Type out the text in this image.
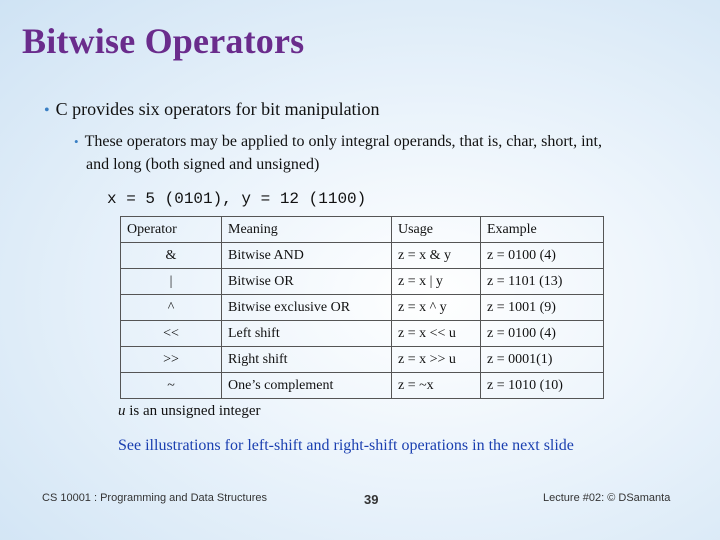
Bitwise Operators
• C provides six operators for bit manipulation
• These operators may be applied to only integral operands, that is, char, short, int,
and long (both signed and unsigned)
x = 5 (0101), y = 12 (1100)
Operator	Meaning	Usage	Example
&	Bitwise AND	z = x & y	z = 0100 (4)
|	Bitwise OR	z = x | y	z = 1101 (13)
^	Bitwise exclusive OR	z = x ^ y	z = 1001 (9)
<<	Left shift	z = x << u	z = 0100 (4)
>>	Right shift	z = x >> u	z = 0001(1)
~	One’s complement	z = ~x	z = 1010 (10)
u is an unsigned integer
See illustrations for left-shift and right-shift operations in the next slide
CS 10001 : Programming and Data Structures	39	Lecture #02: © DSamanta
